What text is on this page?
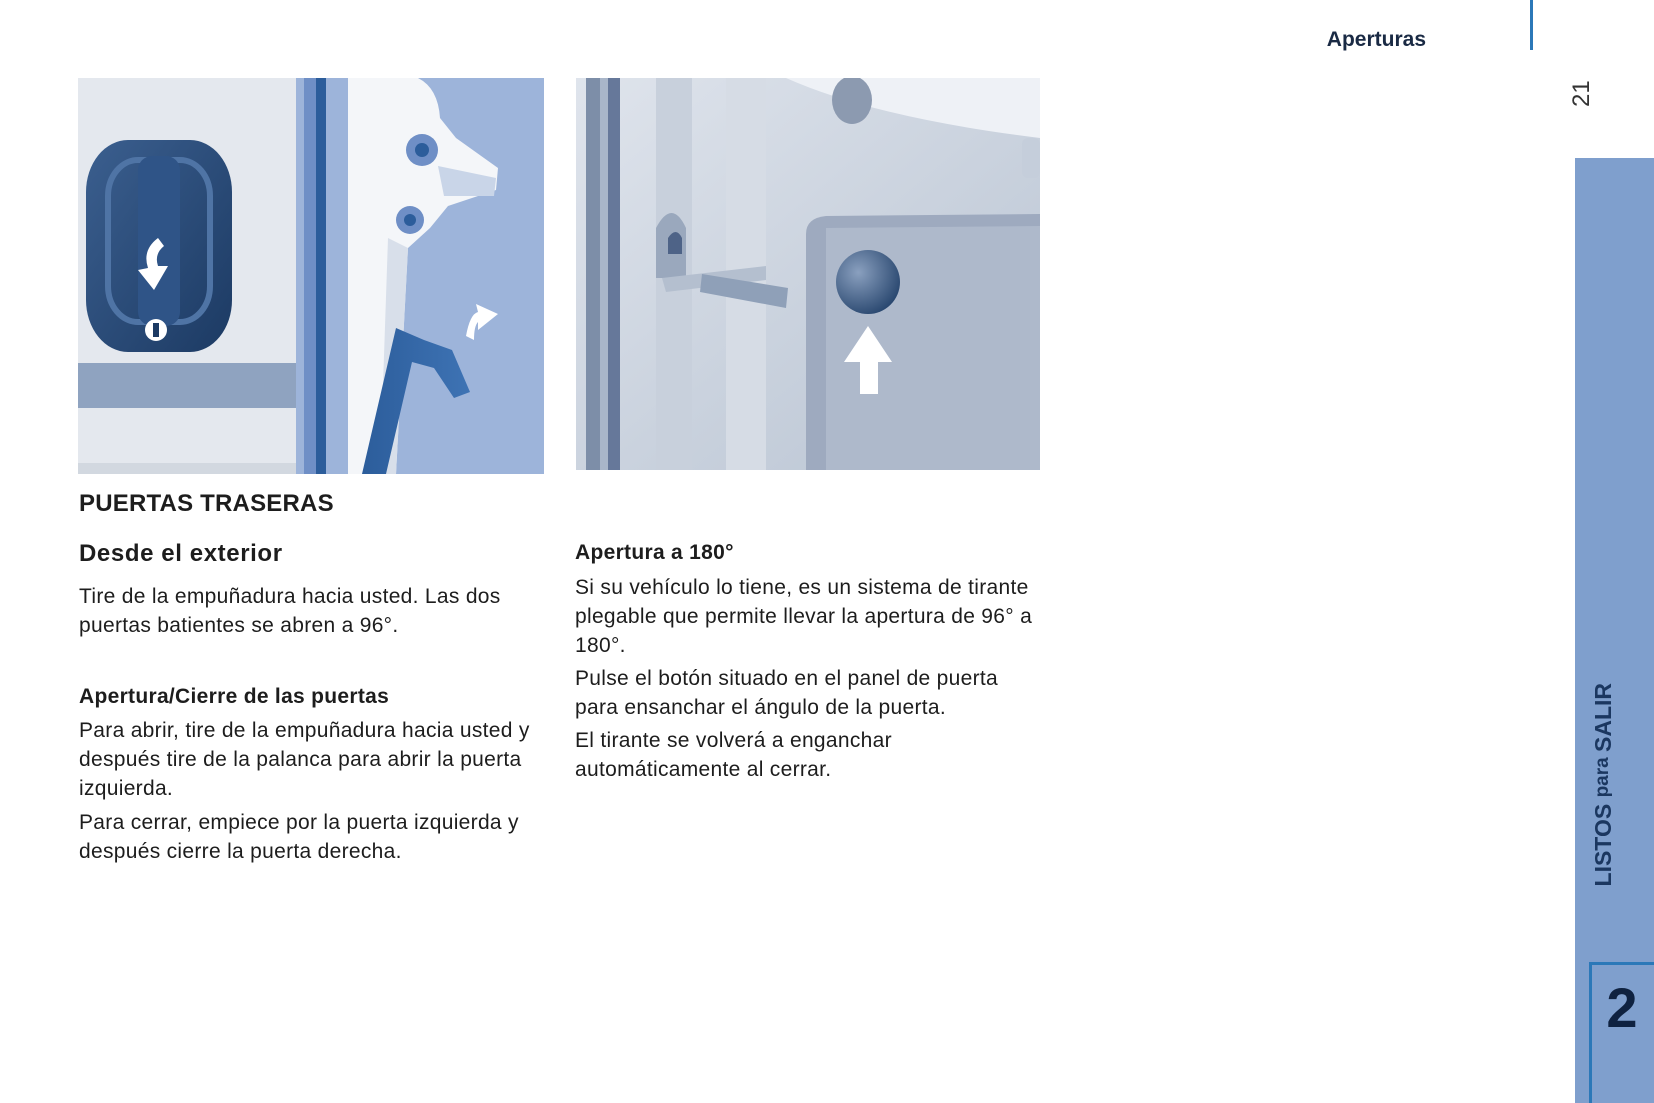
Aperturas
21
LISTOS para SALIR
2
PUERTAS TRASERAS
Desde el exterior

Tire de la empuñadura hacia usted. Las dos puertas batientes se abren a 96°.

Apertura/Cierre de las puertas

Para abrir, tire de la empuñadura hacia usted y después tire de la palanca para abrir la puerta izquierda.

Para cerrar, empiece por la puerta izquierda y después cierre la puerta derecha.

Apertura a 180°

Si su vehículo lo tiene, es un sistema de tirante plegable que permite llevar la apertura de 96° a 180°.

Pulse el botón situado en el panel de puerta para ensanchar el ángulo de la puerta.

El tirante se volverá a enganchar automáticamente al cerrar.
